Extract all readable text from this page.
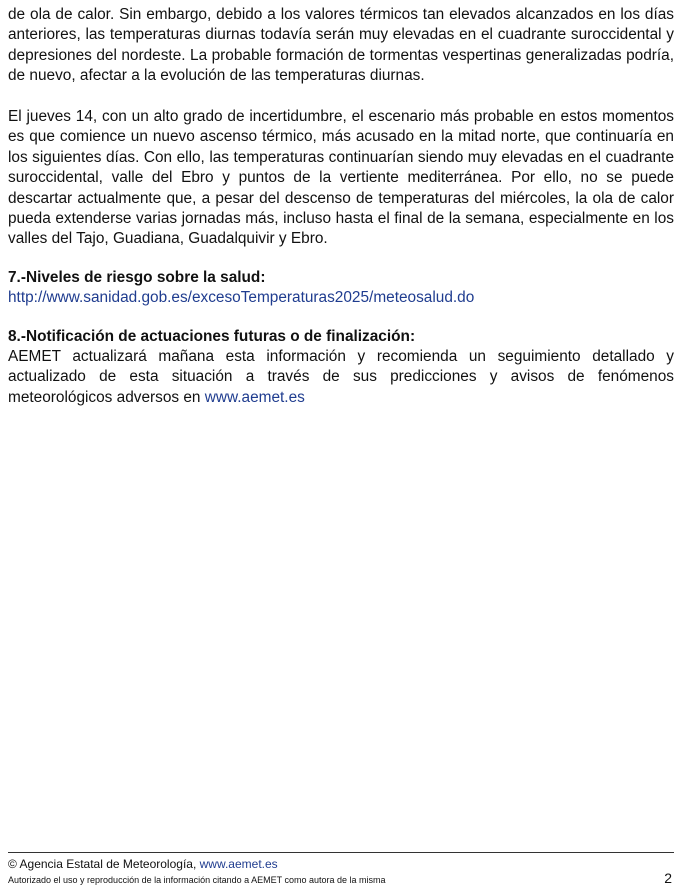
de ola de calor. Sin embargo, debido a los valores térmicos tan elevados alcanzados en los días anteriores, las temperaturas diurnas todavía serán muy elevadas en el cuadrante suroccidental y depresiones del nordeste. La probable formación de tormentas vespertinas generalizadas podría, de nuevo, afectar a la evolución de las temperaturas diurnas.

El jueves 14, con un alto grado de incertidumbre, el escenario más probable en estos momentos es que comience un nuevo ascenso térmico, más acusado en la mitad norte, que continuaría en los siguientes días. Con ello, las temperaturas continuarían siendo muy elevadas en el cuadrante suroccidental, valle del Ebro y puntos de la vertiente mediterránea. Por ello, no se puede descartar actualmente que, a pesar del descenso de temperaturas del miércoles, la ola de calor pueda extenderse varias jornadas más, incluso hasta el final de la semana, especialmente en los valles del Tajo, Guadiana, Guadalquivir y Ebro.

7.-Niveles de riesgo sobre la salud:

http://www.sanidad.gob.es/excesoTemperaturas2025/meteosalud.do

8.-Notificación de actuaciones futuras o de finalización:

AEMET actualizará mañana esta información y recomienda un seguimiento detallado y actualizado de esta situación a través de sus predicciones y avisos de fenómenos meteorológicos adversos en www.aemet.es

© Agencia Estatal de Meteorología, www.aemet.es
Autorizado el uso y reproducción de la información citando a AEMET como autora de la misma	2
